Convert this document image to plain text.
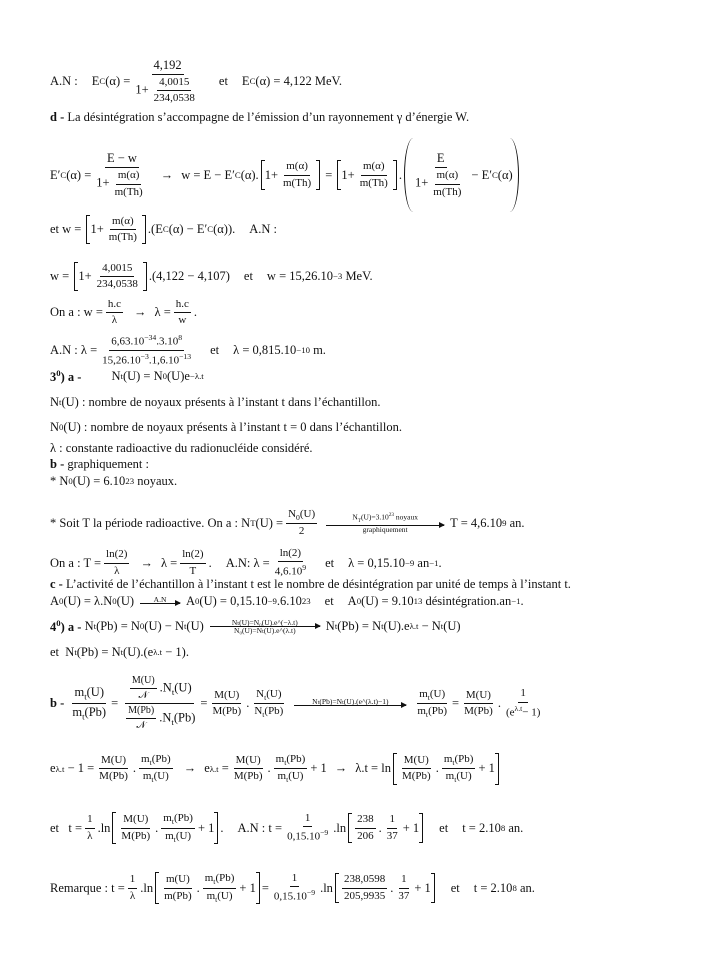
A.N : E C $(\alpha) = \frac{4,192}{1+ \frac{4,0015}{234,0538}}$ et E C (α)
= 4,122 MeV.
d -
La désintégration s’accompagne de l’émission d’un rayonnement γ d’énergie W.
E′ C $(\alpha) = \frac{E - w}{1+ \frac{m(\alpha)}{m(Th)}} \to w = E - E'$ C (α). $1+ \frac{m(\alpha)}{m(Th)}$
=
$1+ \frac{m(\alpha)}{m(Th)}$ . $\frac{E}{1+ \frac{m(\alpha)}{m(Th)}} - E'$ C (α)
et w =
$1+ \frac{m(\alpha)}{m(Th)} .(E$ C (α) − E′ C (α)). A.N :
w =
$1+ \frac{4,0015}{234,0538} .(4,122 - 4,107)$ et w = 15,26.10 −3
MeV.
On a : $w = \frac{h.c}{\lambda} \to \lambda = \frac{h.c}{w}$ .
A.N : $\lambda = \frac{6,63.10^{-34}.3.10^8}{15,26.10^{-3}.1,6.10^{-13}}$ et λ = 0,815.10 −10
m.
$3^0$) a - N t (U) = N 0 (U)e −λ.t
N t (U) : nombre de noyaux présents à l’instant t dans l’échantillon.
N 0 (U) : nombre de noyaux présents à l’instant t = 0 dans l’échantillon.
λ : constante radioactive du radionucléide considéré.
b -
graphiquement :
* N 0 (U) = 6.10 23
noyaux.
* Soit T la période radioactive. On a : N T $(U) = \frac{N_0(U)}{2}$	$N_T(U)=3.10^{23}$ noyaux
graphiquement	T = 4,6.10 9
an.
On a : $T = \frac{\ln(2)}{\lambda} \to \lambda = \frac{\ln(2)}{T}$ . A.N: $\lambda = \frac{\ln(2)}{4,6.10^9}$ et λ = 0,15.10 −9
an −1 .
c -
L’activité de l’échantillon à l’instant t est le nombre de désintégration par unité de temps à l’instant t.
A 0 (U) = λ.N 0 (U)	A.N A 0 (U) = 0,15.10 −9 .6.10 23 et A 0 (U) = 9.10 13
désintégration.an −1 .
$4^0$) a -
N t (Pb) = N 0 (U) − N t (U)	Nₜ(U)=N₀(U).e^(−λ.t)
N₀(U)=Nₜ(U).e^(λ.t) N t (Pb) = N t (U).e λ.t
− N t (U)
et
N t (Pb) = N t (U).(e λ.t
− 1).
b -
$\frac{m_t(U)}{m_t(Pb)} = \frac{\frac{M(U)}{\text{𝒩}} .N_t(U)}{\frac{M(Pb)}{\text{𝒩}} .N_t(Pb)} = \frac{M(U)}{M(Pb)}$ . $\frac{N_t(U)}{N_t(Pb)}$	Nₜ(Pb)=Nₜ(U).(e^(λ.t)−1) $\frac{m_t(U)}{m_t(Pb)} = \frac{M(U)}{M(Pb)}$ . $\frac{1}{(e^{\lambda.t}- 1)}$
e λ.t
− $1 = \frac{M(U)}{M(Pb)}$ . $\frac{m_t(Pb)}{m_t(U)} \to e$ λ.t
= $\frac{M(U)}{M(Pb)}$ . $\frac{m_t(Pb)}{m_t(U)} + 1 \to \lambda.t = \ln \frac{M(U)}{M(Pb)}$ . $\frac{m_t(Pb)}{m_t(U)} + 1$
et
$t = \frac{1}{\lambda} .\ln \frac{M(U)}{M(Pb)}$ . $\frac{m_t(Pb)}{m_t(U)} + 1$ . A.N : $t = \frac{1}{0,15.10^{-9}} .\ln \frac{238}{206}$ . $\frac{1}{37} + 1$ et t = 2.10 8
an.
Remarque : $t = \frac{1}{\lambda} .\ln \frac{m(U)}{m(Pb)}$ . $\frac{m_t(Pb)}{m_t(U)} + 1 = \frac{1}{0,15.10^{-9}} .\ln \frac{238,0598}{205,9935}$ . $\frac{1}{37} + 1$ et t = 2.10 8
an.
